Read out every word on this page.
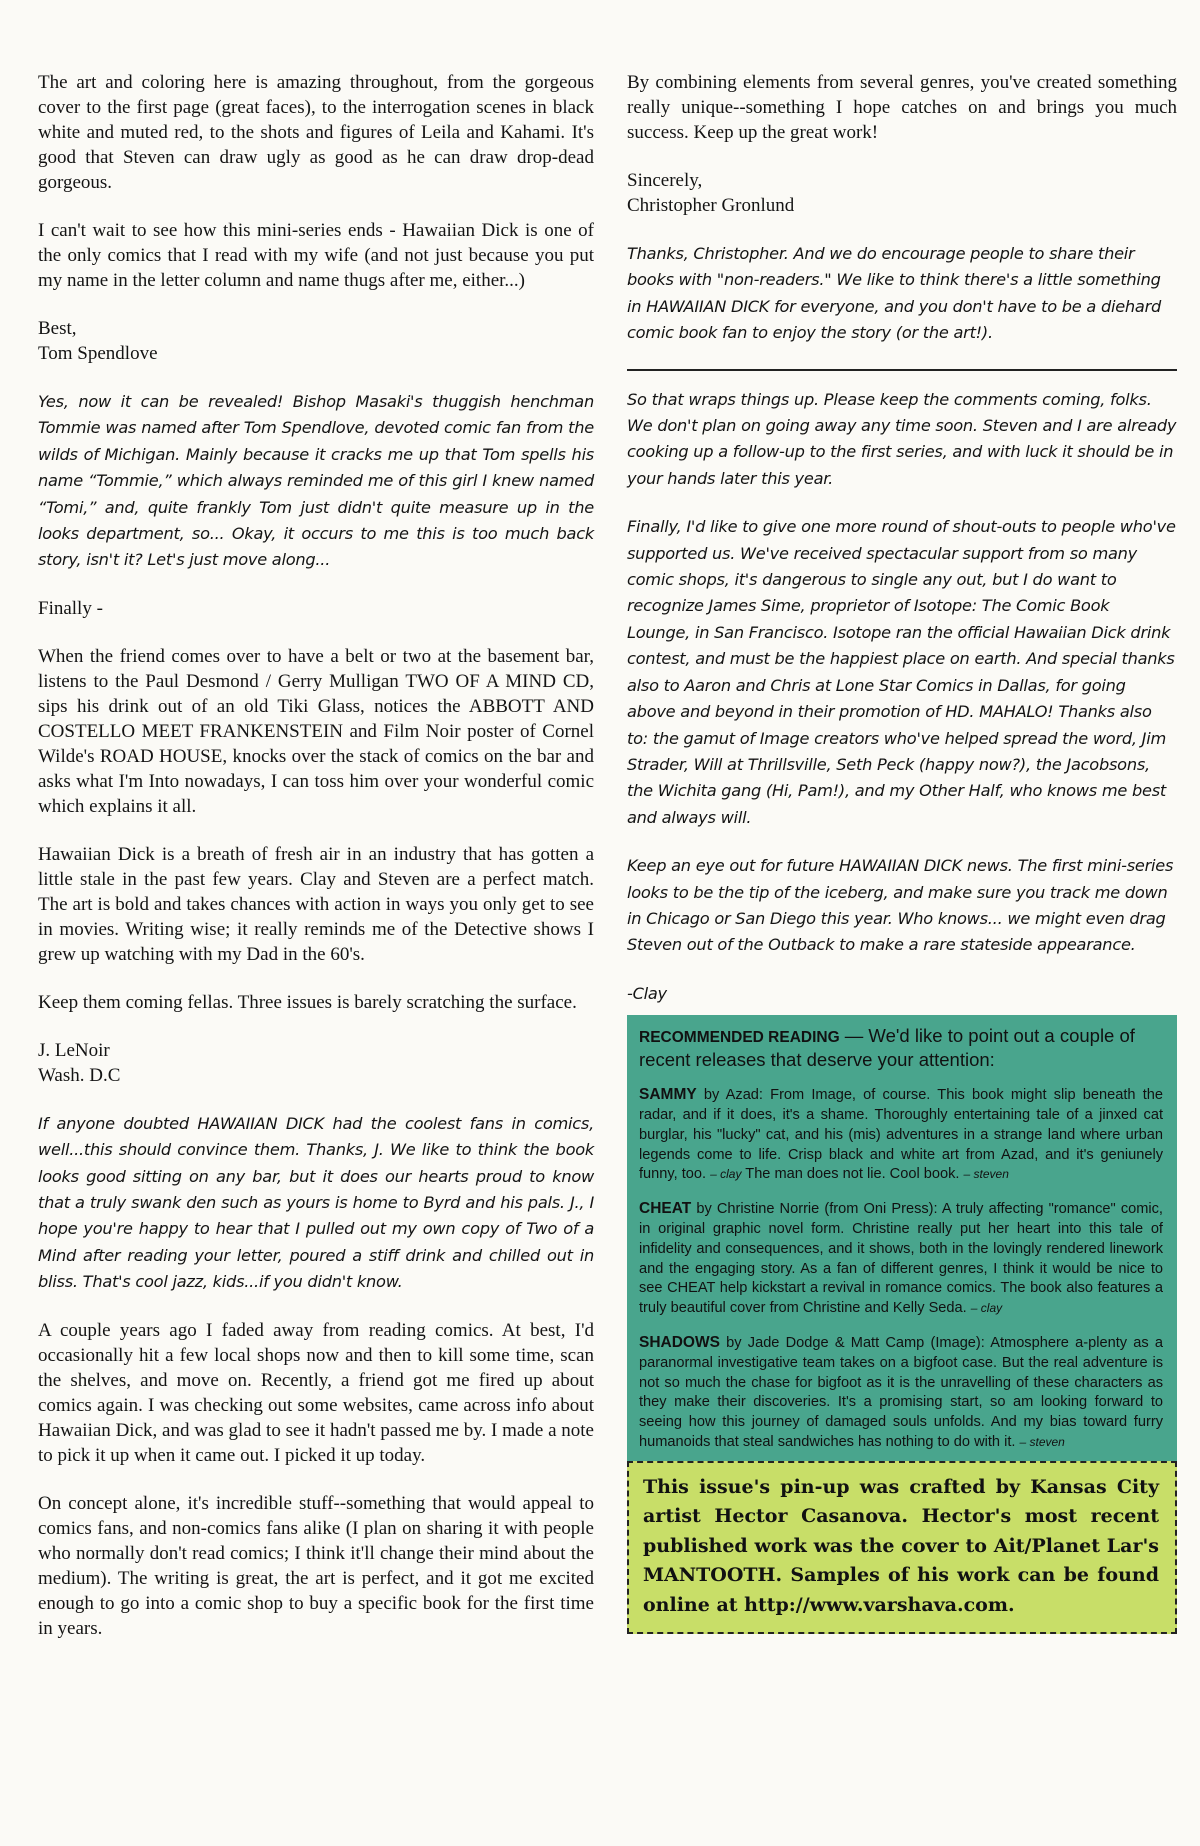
The art and coloring here is amazing throughout, from the gorgeous cover to the first page (great faces), to the interrogation scenes in black white and muted red, to the shots and figures of Leila and Kahami. It's good that Steven can draw ugly as good as he can draw drop-dead gorgeous.

I can't wait to see how this mini-series ends - Hawaiian Dick is one of the only comics that I read with my wife (and not just because you put my name in the letter column and name thugs after me, either...)

Best,
Tom Spendlove

Yes, now it can be revealed! Bishop Masaki's thuggish henchman Tommie was named after Tom Spendlove, devoted comic fan from the wilds of Michigan. Mainly because it cracks me up that Tom spells his name “Tommie,” which always reminded me of this girl I knew named “Tomi,” and, quite frankly Tom just didn't quite measure up in the looks department, so... Okay, it occurs to me this is too much back story, isn't it? Let's just move along...

Finally -

When the friend comes over to have a belt or two at the basement bar, listens to the Paul Desmond / Gerry Mulligan TWO OF A MIND CD, sips his drink out of an old Tiki Glass, notices the ABBOTT AND COSTELLO MEET FRANKENSTEIN and Film Noir poster of Cornel Wilde's ROAD HOUSE, knocks over the stack of comics on the bar and asks what I'm Into nowadays, I can toss him over your wonderful comic which explains it all.

Hawaiian Dick is a breath of fresh air in an industry that has gotten a little stale in the past few years. Clay and Steven are a perfect match. The art is bold and takes chances with action in ways you only get to see in movies. Writing wise; it really reminds me of the Detective shows I grew up watching with my Dad in the 60's.

Keep them coming fellas. Three issues is barely scratching the surface.

J. LeNoir
Wash. D.C

If anyone doubted HAWAIIAN DICK had the coolest fans in comics, well...this should convince them. Thanks, J. We like to think the book looks good sitting on any bar, but it does our hearts proud to know that a truly swank den such as yours is home to Byrd and his pals. J., I hope you're happy to hear that I pulled out my own copy of Two of a Mind after reading your letter, poured a stiff drink and chilled out in bliss. That's cool jazz, kids...if you didn't know.

A couple years ago I faded away from reading comics. At best, I'd occasionally hit a few local shops now and then to kill some time, scan the shelves, and move on. Recently, a friend got me fired up about comics again. I was checking out some websites, came across info about Hawaiian Dick, and was glad to see it hadn't passed me by. I made a note to pick it up when it came out. I picked it up today.

On concept alone, it's incredible stuff--something that would appeal to comics fans, and non-comics fans alike (I plan on sharing it with people who normally don't read comics; I think it'll change their mind about the medium). The writing is great, the art is perfect, and it got me excited enough to go into a comic shop to buy a specific book for the first time in years.

By combining elements from several genres, you've created something really unique--something I hope catches on and brings you much success. Keep up the great work!

Sincerely,
Christopher Gronlund

Thanks, Christopher. And we do encourage people to share their books with "non-readers." We like to think there's a little something in HAWAIIAN DICK for everyone, and you don't have to be a diehard comic book fan to enjoy the story (or the art!).

So that wraps things up. Please keep the comments coming, folks. We don't plan on going away any time soon. Steven and I are already cooking up a follow-up to the first series, and with luck it should be in your hands later this year.

Finally, I'd like to give one more round of shout-outs to people who've supported us. We've received spectacular support from so many comic shops, it's dangerous to single any out, but I do want to recognize James Sime, proprietor of Isotope: The Comic Book Lounge, in San Francisco. Isotope ran the official Hawaiian Dick drink contest, and must be the happiest place on earth. And special thanks also to Aaron and Chris at Lone Star Comics in Dallas, for going above and beyond in their promotion of HD. MAHALO! Thanks also to: the gamut of Image creators who've helped spread the word, Jim Strader, Will at Thrillsville, Seth Peck (happy now?), the Jacobsons, the Wichita gang (Hi, Pam!), and my Other Half, who knows me best and always will.

Keep an eye out for future HAWAIIAN DICK news. The first mini-series looks to be the tip of the iceberg, and make sure you track me down in Chicago or San Diego this year. Who knows... we might even drag Steven out of the Outback to make a rare stateside appearance.

-Clay

RECOMMENDED READING — We'd like to point out a couple of recent releases that deserve your attention:

SAMMY by Azad: From Image, of course. This book might slip beneath the radar, and if it does, it's a shame. Thoroughly entertaining tale of a jinxed cat burglar, his "lucky" cat, and his (mis) adventures in a strange land where urban legends come to life. Crisp black and white art from Azad, and it's geniunely funny, too. – clay The man does not lie. Cool book. – steven

CHEAT by Christine Norrie (from Oni Press): A truly affecting "romance" comic, in original graphic novel form. Christine really put her heart into this tale of infidelity and consequences, and it shows, both in the lovingly rendered linework and the engaging story. As a fan of different genres, I think it would be nice to see CHEAT help kickstart a revival in romance comics. The book also features a truly beautiful cover from Christine and Kelly Seda. – clay

SHADOWS by Jade Dodge & Matt Camp (Image): Atmosphere a-plenty as a paranormal investigative team takes on a bigfoot case. But the real adventure is not so much the chase for bigfoot as it is the unravelling of these characters as they make their discoveries. It's a promising start, so am looking forward to seeing how this journey of damaged souls unfolds. And my bias toward furry humanoids that steal sandwiches has nothing to do with it. – steven

This issue's pin-up was crafted by Kansas City artist Hector Casanova. Hector's most recent published work was the cover to Ait/Planet Lar's MANTOOTH. Samples of his work can be found online at http://www.varshava.com.
